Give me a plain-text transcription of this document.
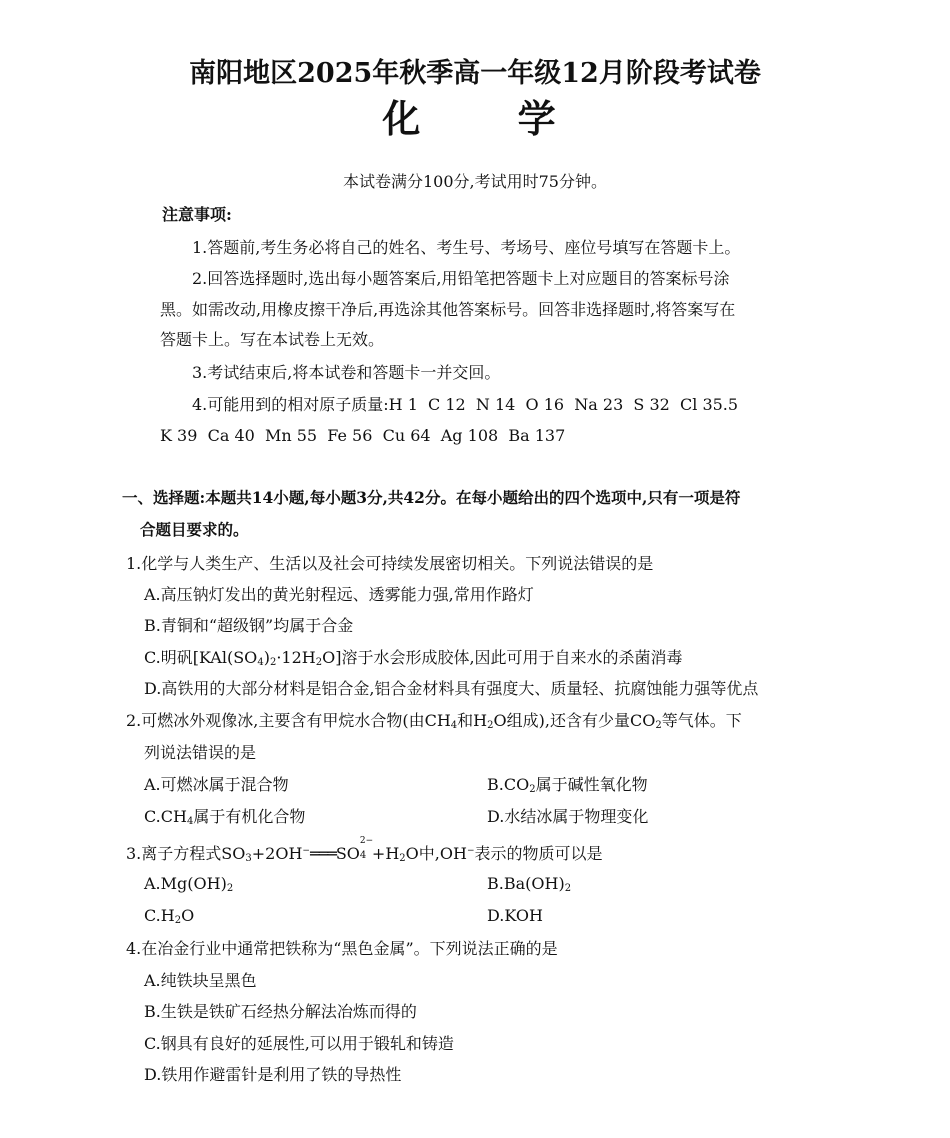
南阳地区2025年秋季高一年级12月阶段考试卷
化 学
本试卷满分100分,考试用时75分钟。
注意事项:
1.答题前,考生务必将自己的姓名、考生号、考场号、座位号填写在答题卡上。
2.回答选择题时,选出每小题答案后,用铅笔把答题卡上对应题目的答案标号涂
黑。如需改动,用橡皮擦干净后,再选涂其他答案标号。回答非选择题时,将答案写在
答题卡上。写在本试卷上无效。
3.考试结束后,将本试卷和答题卡一并交回。
4.可能用到的相对原子质量:H 1  C 12  N 14  O 16  Na 23  S 32  Cl 35.5
K 39  Ca 40  Mn 55  Fe 56  Cu 64  Ag 108  Ba 137
一、选择题:本题共14小题,每小题3分,共42分。在每小题给出的四个选项中,只有一项是符
合题目要求的。
1.化学与人类生产、生活以及社会可持续发展密切相关。下列说法错误的是
A.高压钠灯发出的黄光射程远、透雾能力强,常用作路灯
B.青铜和“超级钢”均属于合金
C.明矾$[KAl(SO_4)_2\cdot 12H_2O]$溶于水会形成胶体,因此可用于自来水的杀菌消毒
D.高铁用的大部分材料是铝合金,铝合金材料具有强度大、质量轻、抗腐蚀能力强等优点
2.可燃冰外观像冰,主要含有甲烷水合物(由$CH_4$和$H_2O$组成),还含有少量$CO_2$等气体。下
列说法错误的是
A.可燃冰属于混合物	$B.CO_2$属于碱性氧化物
$C.CH_4$属于有机化合物	D.水结冰属于物理变化
3.离子方程式$SO_3+2OH^-═══SO$
2−
$4 +H_2O$中,OH−表示的物质可以是
$A.Mg(OH)_2$	$B.Ba(OH)_2$
$C.H_2O$	D.KOH
4.在冶金行业中通常把铁称为“黑色金属”。下列说法正确的是
A.纯铁块呈黑色
B.生铁是铁矿石经热分解法冶炼而得的
C.钢具有良好的延展性,可以用于锻轧和铸造
D.铁用作避雷针是利用了铁的导热性
